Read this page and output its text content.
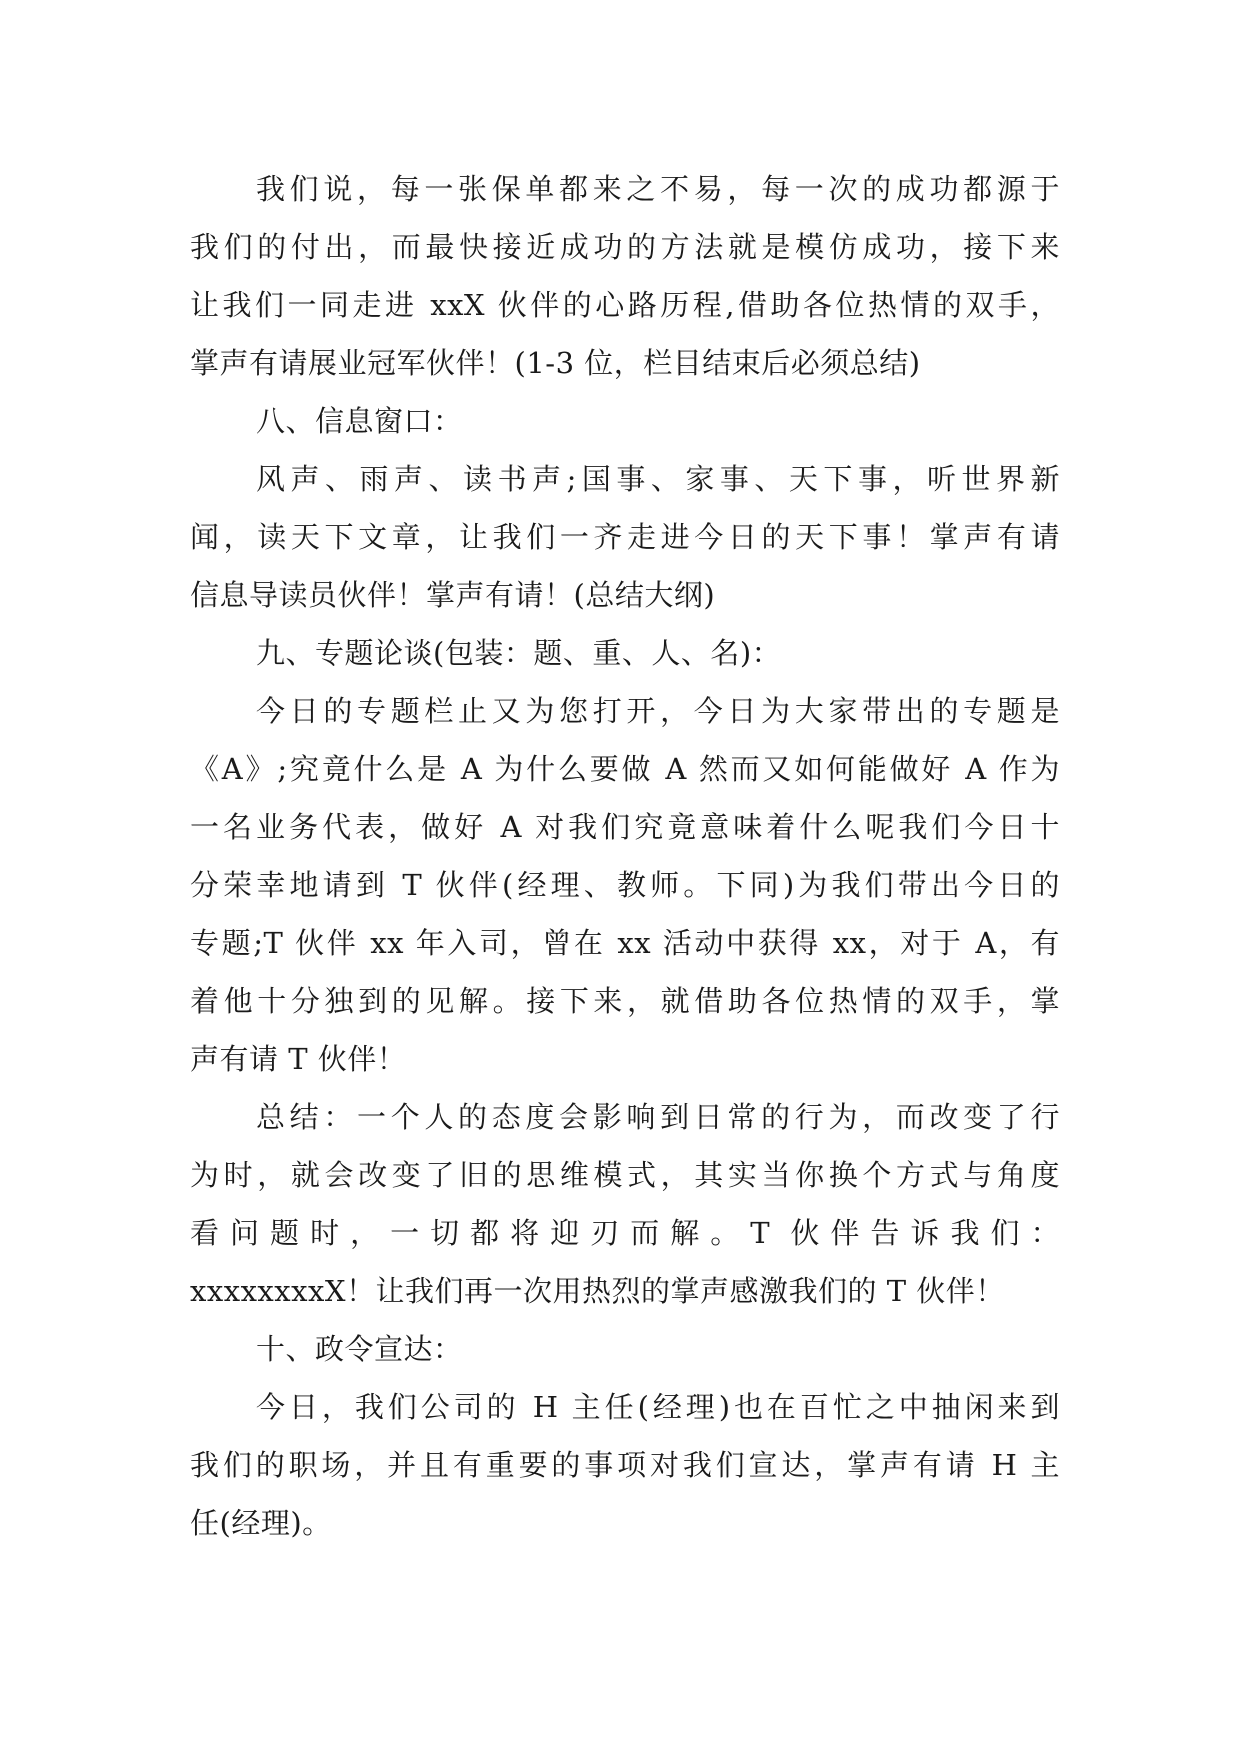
我们说，每一张保单都来之不易，每一次的成功都源于
我们的付出，而最快接近成功的方法就是模仿成功，接下来
让我们一同走进 xxX 伙伴的心路历程,借助各位热情的双手，
掌声有请展业冠军伙伴！(1-3 位，栏目结束后必须总结)
八、信息窗口：
风声、雨声、读书声;国事、家事、天下事，听世界新
闻，读天下文章，让我们一齐走进今日的天下事！掌声有请
信息导读员伙伴！掌声有请！(总结大纲)
九、专题论谈(包装：题、重、人、名)：
今日的专题栏止又为您打开，今日为大家带出的专题是
《A》;究竟什么是 A 为什么要做 A 然而又如何能做好 A 作为
一名业务代表，做好 A 对我们究竟意味着什么呢我们今日十
分荣幸地请到 T 伙伴(经理、教师。下同)为我们带出今日的
专题;T 伙伴 xx 年入司，曾在 xx 活动中获得 xx，对于 A，有
着他十分独到的见解。接下来，就借助各位热情的双手，掌
声有请 T 伙伴！
总结：一个人的态度会影响到日常的行为，而改变了行
为时，就会改变了旧的思维模式，其实当你换个方式与角度
看问题时，一切都将迎刃而解。T 伙伴告诉我们：
xxxxxxxxX！让我们再一次用热烈的掌声感激我们的 T 伙伴！
十、政令宣达：
今日，我们公司的 H 主任(经理)也在百忙之中抽闲来到
我们的职场，并且有重要的事项对我们宣达，掌声有请 H 主
任(经理)。
